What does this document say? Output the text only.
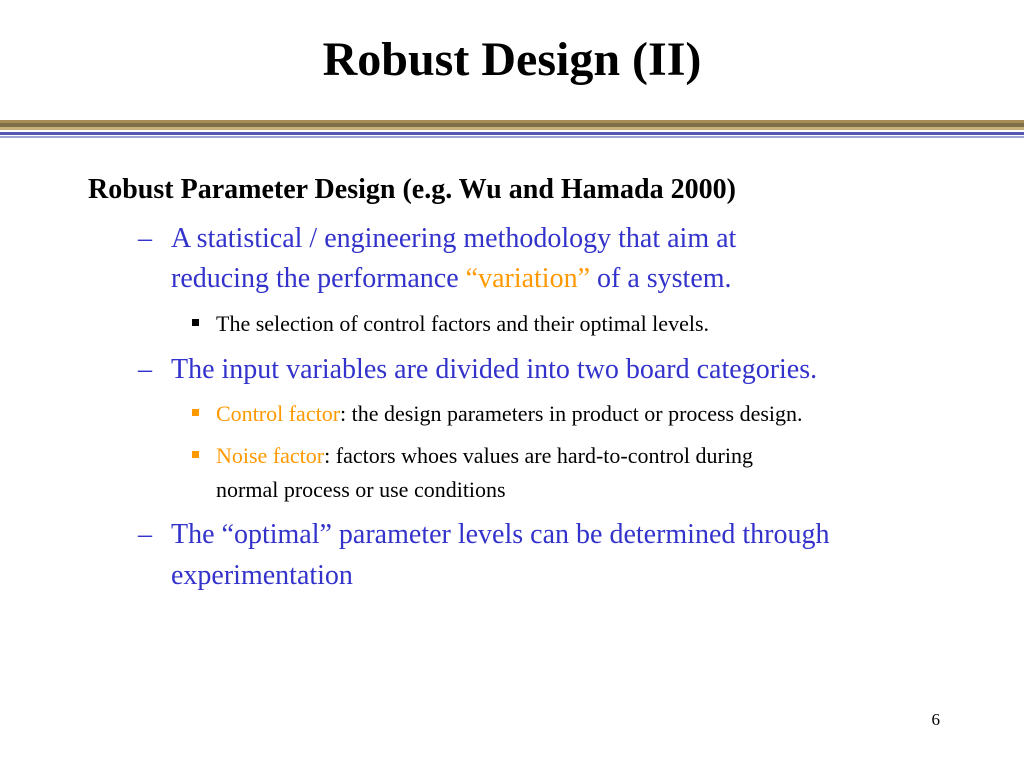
Robust Design (II)
Robust Parameter Design (e.g. Wu and Hamada 2000)
– A statistical / engineering methodology that aim at
reducing the performance “variation” of a system.
The selection of control factors and their optimal levels.
– The input variables are divided into two board categories.
Control factor: the design parameters in product or process design.
Noise factor: factors whoes values are hard-to-control during
normal process or use conditions
– The “optimal” parameter levels can be determined through
experimentation
6
